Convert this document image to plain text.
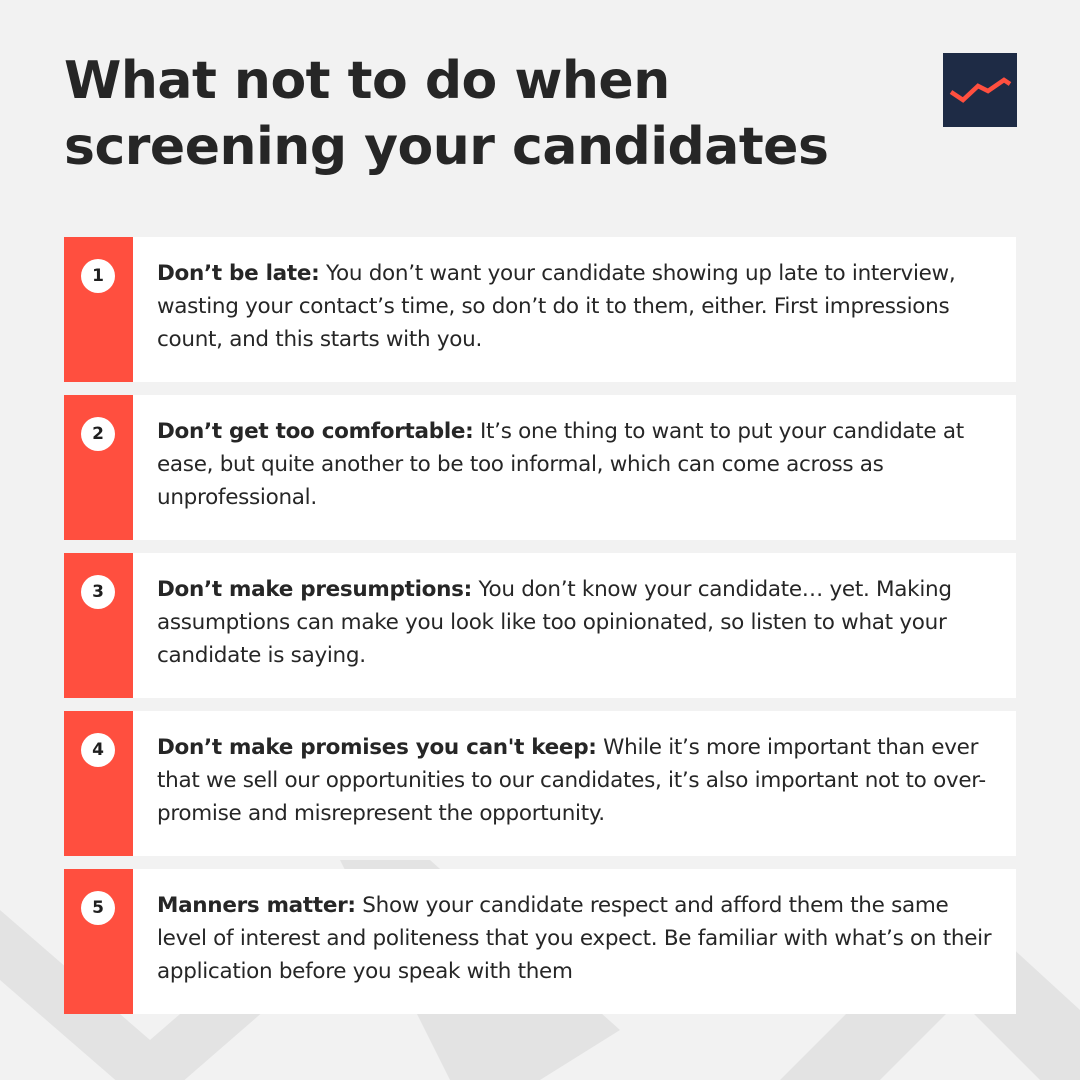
What not to do when screening your candidates
1	Don’t be late: You don’t want your candidate showing up late to interview, wasting your contact’s time, so don’t do it to them, either. First impressions count, and this starts with you.
2	Don’t get too comfortable: It’s one thing to want to put your candidate at ease, but quite another to be too informal, which can come across as unprofessional.
3	Don’t make presumptions: You don’t know your candidate… yet. Making assumptions can make you look like too opinionated, so listen to what your candidate is saying.
4	Don’t make promises you can't keep: While it’s more important than ever that we sell our opportunities to our candidates, it’s also important not to over-promise and misrepresent the opportunity.
5	Manners matter: Show your candidate respect and afford them the same level of interest and politeness that you expect. Be familiar with what’s on their application before you speak with them
